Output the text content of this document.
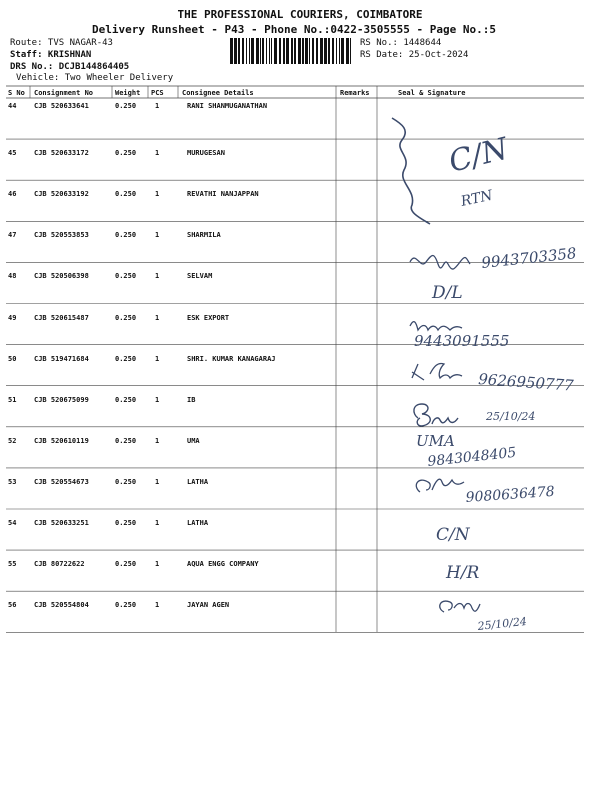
THE PROFESSIONAL COURIERS, COIMBATORE
Delivery Runsheet - P43 - Phone No.:0422-3505555 - Page No.:5
Route: TVS NAGAR-43
Staff: KRISHNAN
DRS No.: DCJB144864405
Vehicle: Two Wheeler Delivery
RS No.: 1448644
RS Date: 25-Oct-2024
S No Consignment No	Weight PCS	Consignee Details	Remarks	Seal & Signature
44	CJB 520633641	0.250	1	RANI SHANMUGANATHAN
45	CJB 520633172	0.250	1	MURUGESAN
46	CJB 520633192	0.250	1	REVATHI NANJAPPAN
47	CJB 520553853	0.250	1	SHARMILA
48	CJB 520506398	0.250	1	SELVAM
49	CJB 520615487	0.250	1	ESK EXPORT
50	CJB 519471684	0.250	1	SHRI. KUMAR KANAGARAJ
51	CJB 520675099	0.250	1	IB
52	CJB 520610119	0.250	1	UMA
53	CJB 520554673	0.250	1	LATHA
54	CJB 520633251	0.250	1	LATHA
55	CJB 80722622	0.250	1	AQUA ENGG COMPANY
56	CJB 520554804	0.250	1	JAYAN AGEN
C/N
RTN
9943703358
D/L
9443091555
9626950777
25/10/24
UMA
9843048405
9080636478
C/N
H/R
25/10/24
